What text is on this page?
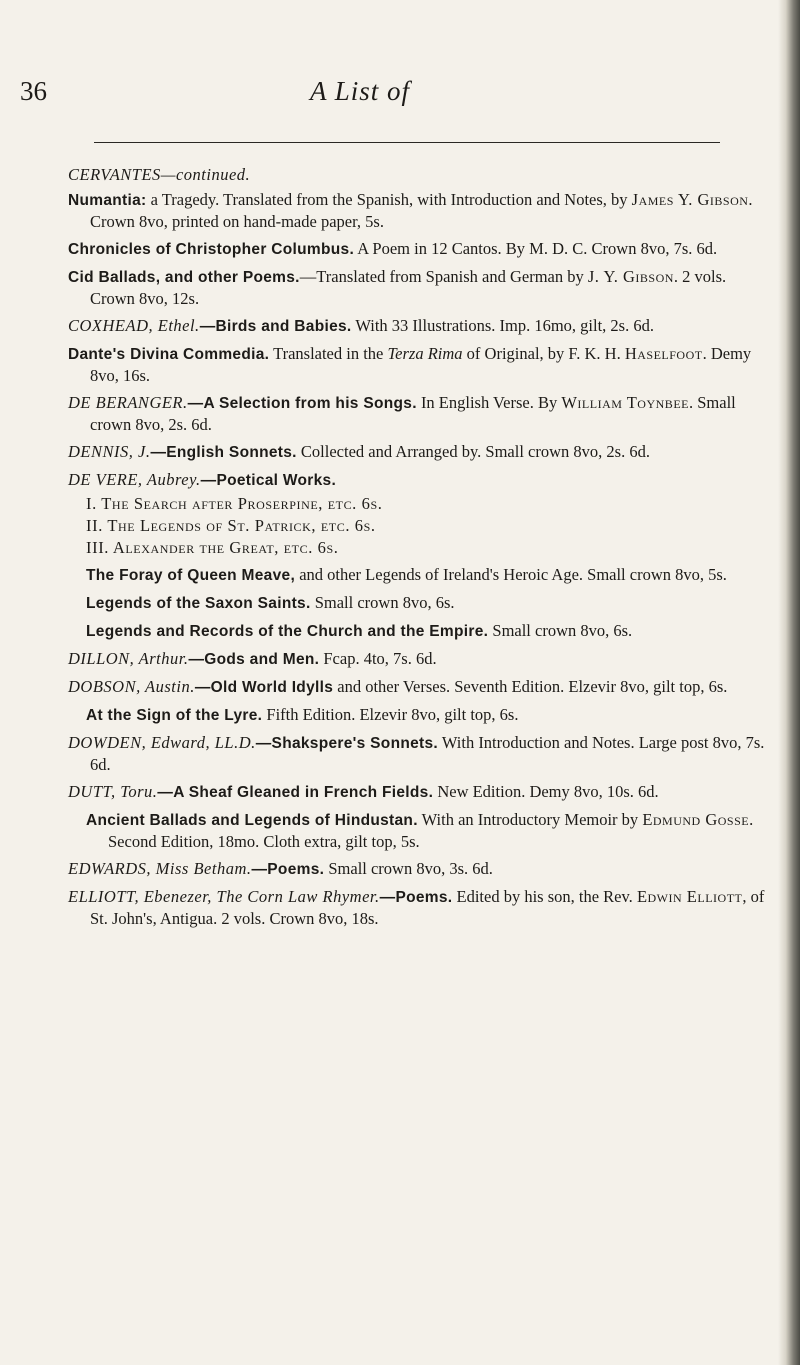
36	A List of
CERVANTES—continued.
Numantia: a Tragedy. Translated from the Spanish, with Introduction and Notes, by James Y. Gibson. Crown 8vo, printed on hand-made paper, 5s.
Chronicles of Christopher Columbus. A Poem in 12 Cantos. By M. D. C. Crown 8vo, 7s. 6d.
Cid Ballads, and other Poems.—Translated from Spanish and German by J. Y. Gibson. 2 vols. Crown 8vo, 12s.
COXHEAD, Ethel.—Birds and Babies. With 33 Illustrations. Imp. 16mo, gilt, 2s. 6d.
Dante's Divina Commedia. Translated in the Terza Rima of Original, by F. K. H. Haselfoot. Demy 8vo, 16s.
DE BERANGER.—A Selection from his Songs. In English Verse. By William Toynbee. Small crown 8vo, 2s. 6d.
DENNIS, J.—English Sonnets. Collected and Arranged by. Small crown 8vo, 2s. 6d.
DE VERE, Aubrey.—Poetical Works.
I. The Search after Proserpine, etc. 6s.
II. The Legends of St. Patrick, etc. 6s.
III. Alexander the Great, etc. 6s.
The Foray of Queen Meave, and other Legends of Ireland's Heroic Age. Small crown 8vo, 5s.
Legends of the Saxon Saints. Small crown 8vo, 6s.
Legends and Records of the Church and the Empire. Small crown 8vo, 6s.
DILLON, Arthur.—Gods and Men. Fcap. 4to, 7s. 6d.
DOBSON, Austin.—Old World Idylls and other Verses. Seventh Edition. Elzevir 8vo, gilt top, 6s.
At the Sign of the Lyre. Fifth Edition. Elzevir 8vo, gilt top, 6s.
DOWDEN, Edward, LL.D.—Shakspere's Sonnets. With Introduction and Notes. Large post 8vo, 7s. 6d.
DUTT, Toru.—A Sheaf Gleaned in French Fields. New Edition. Demy 8vo, 10s. 6d.
Ancient Ballads and Legends of Hindustan. With an Introductory Memoir by Edmund Gosse. Second Edition, 18mo. Cloth extra, gilt top, 5s.
EDWARDS, Miss Betham.—Poems. Small crown 8vo, 3s. 6d.
ELLIOTT, Ebenezer, The Corn Law Rhymer.—Poems. Edited by his son, the Rev. Edwin Elliott, of St. John's, Antigua. 2 vols. Crown 8vo, 18s.
